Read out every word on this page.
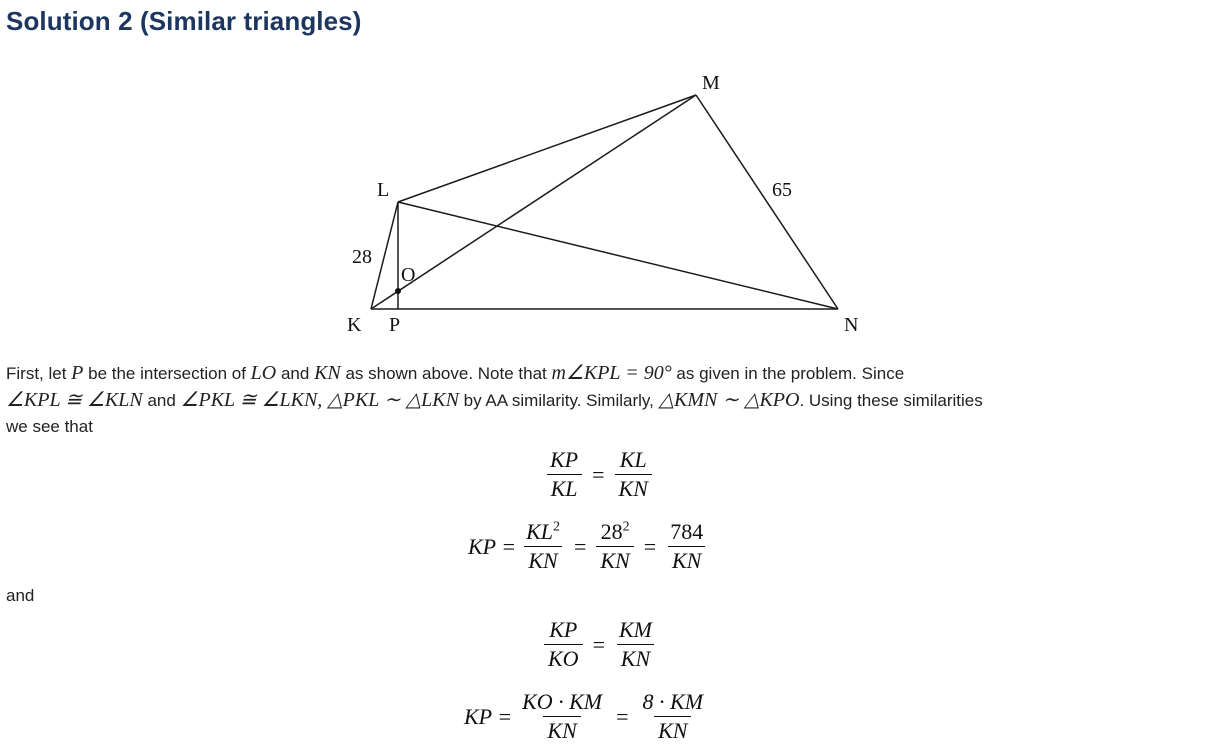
Solution 2 (Similar triangles)
M
L
K P	N
O
28
65
First, let P be the intersection of LO and KN as shown above. Note that m∠KPL = 90° as given in the problem. Since
∠KPL ≅ ∠KLN and ∠PKL ≅ ∠LKN, △PKL ∼ △LKN by AA similarity. Similarly, △KMN ∼ △KPO. Using these similarities
we see that
$\frac{KP}{KL} = \frac{KL}{KN}$
KP = $\frac{KL^2}{KN} = \frac{28^2}{KN} = \frac{784}{KN}$
and
$\frac{KP}{KO} = \frac{KM}{KN}$
KP = $\frac{KO \cdot KM}{KN} = \frac{8 \cdot KM}{KN}$
